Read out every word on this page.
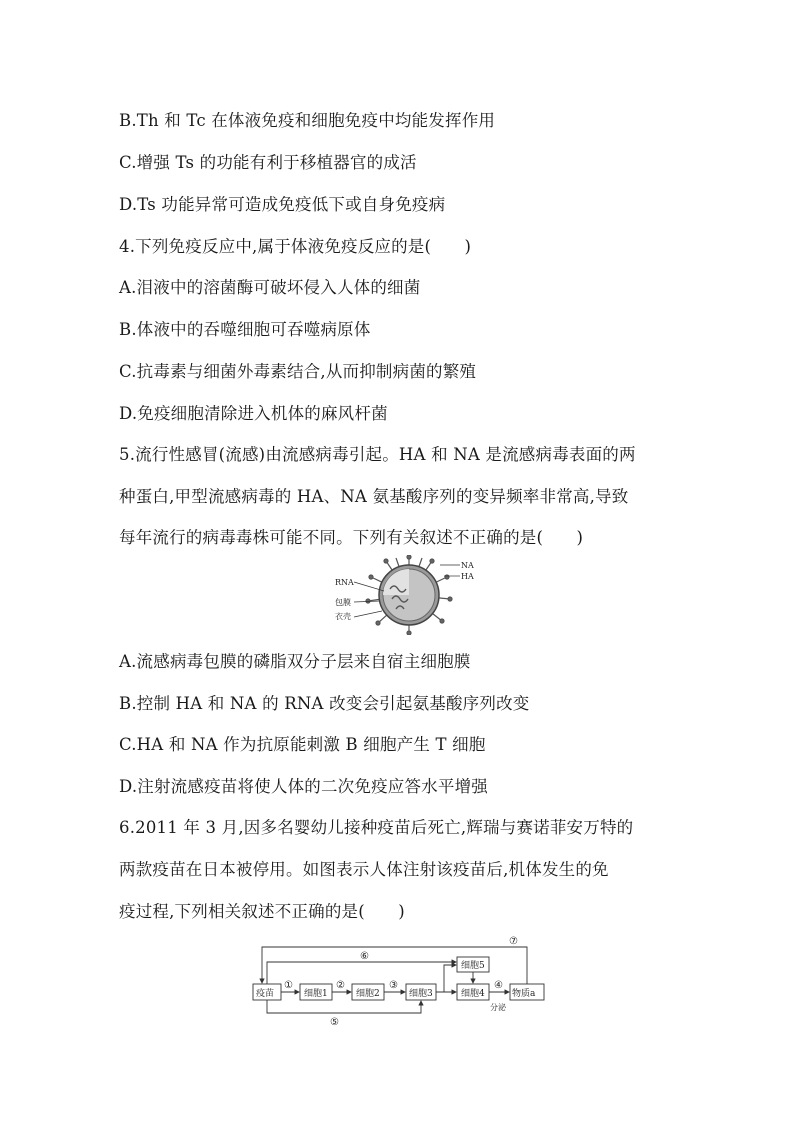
B.Th 和 Tc 在体液免疫和细胞免疫中均能发挥作用
C.增强 Ts 的功能有利于移植器官的成活
D.Ts 功能异常可造成免疫低下或自身免疫病
4.下列免疫反应中,属于体液免疫反应的是(　　)
A.泪液中的溶菌酶可破坏侵入人体的细菌
B.体液中的吞噬细胞可吞噬病原体
C.抗毒素与细菌外毒素结合,从而抑制病菌的繁殖
D.免疫细胞清除进入机体的麻风杆菌
5.流行性感冒(流感)由流感病毒引起。HA 和 NA 是流感病毒表面的两
种蛋白,甲型流感病毒的 HA、NA 氨基酸序列的变异频率非常高,导致
每年流行的病毒毒株可能不同。下列有关叙述不正确的是(　　)
NA
HA
RNA
包膜
衣壳
A.流感病毒包膜的磷脂双分子层来自宿主细胞膜
B.控制 HA 和 NA 的 RNA 改变会引起氨基酸序列改变
C.HA 和 NA 作为抗原能刺激 B 细胞产生 T 细胞
D.注射流感疫苗将使人体的二次免疫应答水平增强
6.2011 年 3 月,因多名婴幼儿接种疫苗后死亡,辉瑞与赛诺菲安万特的
两款疫苗在日本被停用。如图表示人体注射该疫苗后,机体发生的免
疫过程,下列相关叙述不正确的是(　　)
疫苗	细胞1	细胞2	细胞3	细胞4
细胞5
物质a
①	②	③	④
⑤
⑥
⑦
分泌
